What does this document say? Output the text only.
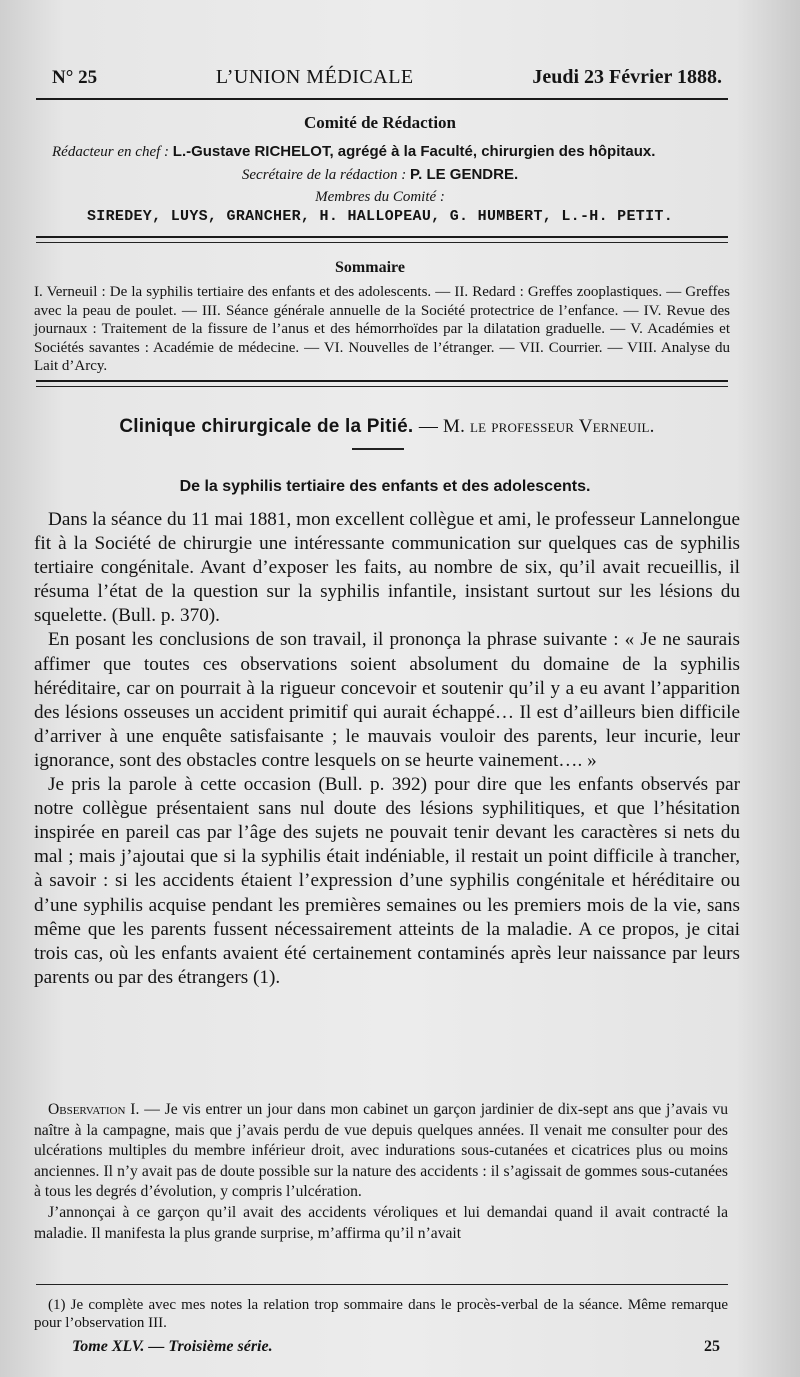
N° 25	L’UNION MÉDICALE	Jeudi 23 Février 1888.
Comité de Rédaction
Rédacteur en chef : L.-Gustave RICHELOT, agrégé à la Faculté, chirurgien des hôpitaux.
Secrétaire de la rédaction : P. LE GENDRE.
Membres du Comité :
SIREDEY, LUYS, GRANCHER, H. HALLOPEAU, G. HUMBERT, L.-H. PETIT.
Sommaire
I. Verneuil : De la syphilis tertiaire des enfants et des adolescents. — II. Redard : Greffes zooplastiques. — Greffes avec la peau de poulet. — III. Séance générale annuelle de la Société protectrice de l’enfance. — IV. Revue des journaux : Traitement de la fissure de l’anus et des hémorrhoïdes par la dilatation graduelle. — V. Académies et Sociétés savantes : Académie de médecine. — VI. Nouvelles de l’étranger. — VII. Courrier. — VIII. Analyse du Lait d’Arcy.
Clinique chirurgicale de la Pitié. — M. le professeur Verneuil.
De la syphilis tertiaire des enfants et des adolescents.

Dans la séance du 11 mai 1881, mon excellent collègue et ami, le professeur Lannelongue fit à la Société de chirurgie une intéressante communication sur quelques cas de syphilis tertiaire congénitale. Avant d’exposer les faits, au nombre de six, qu’il avait recueillis, il résuma l’état de la question sur la syphilis infantile, insistant surtout sur les lésions du squelette. (Bull. p. 370).

En posant les conclusions de son travail, il prononça la phrase suivante : « Je ne saurais affimer que toutes ces observations soient absolument du domaine de la syphilis héréditaire, car on pourrait à la rigueur concevoir et soutenir qu’il y a eu avant l’apparition des lésions osseuses un accident primitif qui aurait échappé… Il est d’ailleurs bien difficile d’arriver à une enquête satisfaisante ; le mauvais vouloir des parents, leur incurie, leur ignorance, sont des obstacles contre lesquels on se heurte vainement…. »

Je pris la parole à cette occasion (Bull. p. 392) pour dire que les enfants observés par notre collègue présentaient sans nul doute des lésions syphilitiques, et que l’hésitation inspirée en pareil cas par l’âge des sujets ne pouvait tenir devant les caractères si nets du mal ; mais j’ajoutai que si la syphilis était indéniable, il restait un point difficile à trancher, à savoir : si les accidents étaient l’expression d’une syphilis congénitale et héréditaire ou d’une syphilis acquise pendant les premières semaines ou les premiers mois de la vie, sans même que les parents fussent nécessairement atteints de la maladie. A ce propos, je citai trois cas, où les enfants avaient été certainement contaminés après leur naissance par leurs parents ou par des étrangers (1).

Observation I. — Je vis entrer un jour dans mon cabinet un garçon jardinier de dix-sept ans que j’avais vu naître à la campagne, mais que j’avais perdu de vue depuis quelques années. Il venait me consulter pour des ulcérations multiples du membre inférieur droit, avec indurations sous-cutanées et cicatrices plus ou moins anciennes. Il n’y avait pas de doute possible sur la nature des accidents : il s’agissait de gommes sous-cutanées à tous les degrés d’évolution, y compris l’ulcération.

J’annonçai à ce garçon qu’il avait des accidents véroliques et lui demandai quand il avait contracté la maladie. Il manifesta la plus grande surprise, m’affirma qu’il n’avait

(1) Je complète avec mes notes la relation trop sommaire dans le procès-verbal de la séance. Même remarque pour l’observation III.

Tome XLV. — Troisième série.	25
